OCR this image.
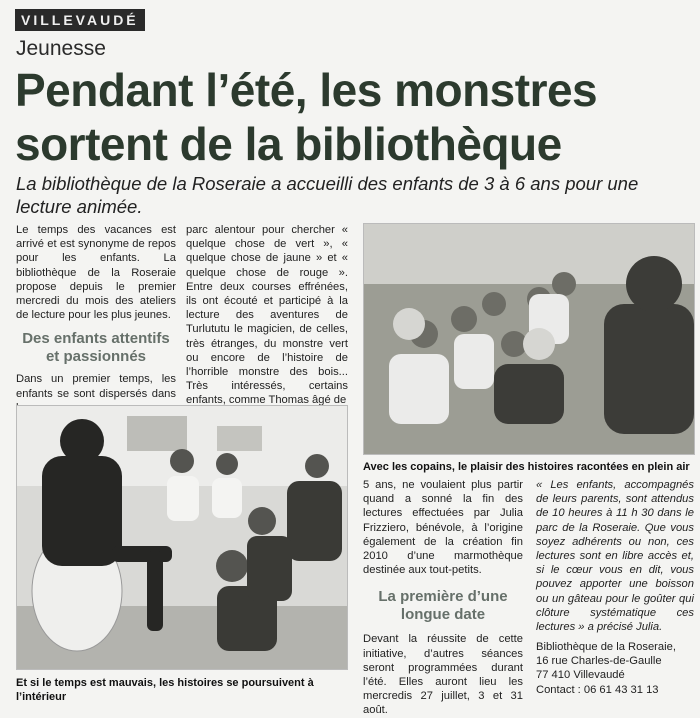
VILLEVAUDÉ
Jeunesse
Pendant l’été, les monstres sortent de la bibliothèque
La bibliothèque de la Roseraie a accueilli des enfants de 3 à 6 ans pour une lecture animée.

Le temps des vacances est arrivé et est synonyme de repos pour les enfants. La bibliothèque de la Roseraie propose depuis le premier mercredi du mois des ateliers de lecture pour les plus jeunes.

Des enfants attentifs et passionnés

Dans un premier temps, les enfants se sont dispersés dans

parc alentour pour chercher « quelque chose de vert », « quelque chose de jaune » et « quelque chose de rouge ». Entre deux courses effrénées, ils ont écouté et participé à la lecture des aventures de Turlututu le magicien, de celles, très étranges, du monstre vert ou encore de l’histoire de l’horrible monstre des bois... Très intéressés, certains enfants, comme Thomas âgé de

Avec les copains, le plaisir des histoires racontées en plein air
Et si le temps est mauvais, les histoires se poursuivent à l’intérieur

5 ans, ne voulaient plus partir quand a sonné la fin des lectures effectuées par Julia Frizziero, bénévole, à l’origine également de la création fin 2010 d’une marmothèque destinée aux tout-petits.

La première d’une longue date

Devant la réussite de cette initiative, d’autres séances seront programmées durant l’été. Elles auront lieu les mercredis 27 juillet, 3 et 31 août.

« Les enfants, accompagnés de leurs parents, sont attendus de 10 heures à 11 h 30 dans le parc de la Roseraie. Que vous soyez adhérents ou non, ces lectures sont en libre accès et, si le cœur vous en dit, vous pouvez apporter une boisson ou un gâteau pour le goûter qui clôture systématique ces lectures » a précisé Julia.

Bibliothèque de la Roseraie,
16 rue Charles-de-Gaulle
77 410 Villevaudé
Contact : 06 61 43 31 13
